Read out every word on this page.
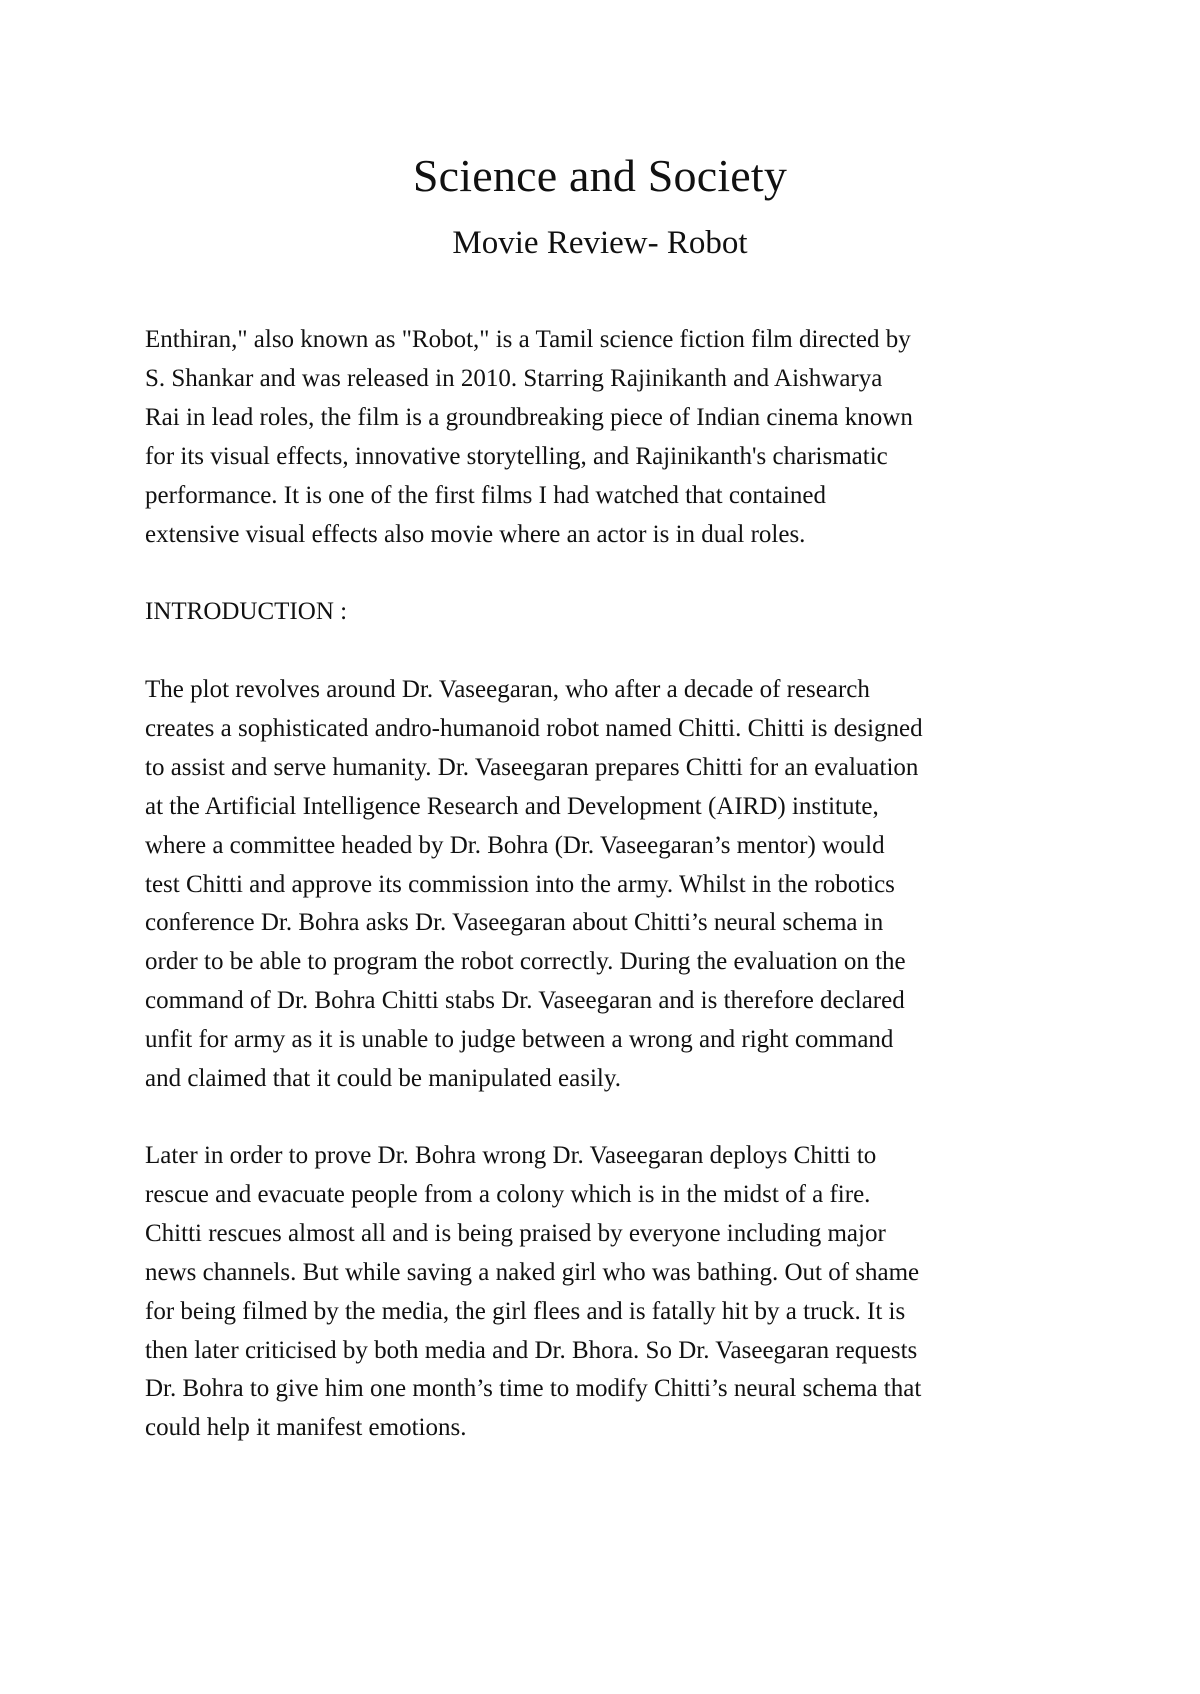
Science and Society
Movie Review- Robot

Enthiran," also known as "Robot," is a Tamil science fiction film directed by
S. Shankar and was released in 2010. Starring Rajinikanth and Aishwarya
Rai in lead roles, the film is a groundbreaking piece of Indian cinema known
for its visual effects, innovative storytelling, and Rajinikanth's charismatic
performance. It is one of the first films I had watched that contained
extensive visual effects also movie where an actor is in dual roles.

INTRODUCTION :

The plot revolves around Dr. Vaseegaran, who after a decade of research
creates a sophisticated andro-humanoid robot named Chitti. Chitti is designed
to assist and serve humanity. Dr. Vaseegaran prepares Chitti for an evaluation
at the Artificial Intelligence Research and Development (AIRD) institute,
where a committee headed by Dr. Bohra (Dr. Vaseegaran’s mentor) would
test Chitti and approve its commission into the army. Whilst in the robotics
conference Dr. Bohra asks Dr. Vaseegaran about Chitti’s neural schema in
order to be able to program the robot correctly. During the evaluation on the
command of Dr. Bohra Chitti stabs Dr. Vaseegaran and is therefore declared
unfit for army as it is unable to judge between a wrong and right command
and claimed that it could be manipulated easily.

Later in order to prove Dr. Bohra wrong Dr. Vaseegaran deploys Chitti to
rescue and evacuate people from a colony which is in the midst of a fire.
Chitti rescues almost all and is being praised by everyone including major
news channels. But while saving a naked girl who was bathing. Out of shame
for being filmed by the media, the girl flees and is fatally hit by a truck. It is
then later criticised by both media and Dr. Bhora. So Dr. Vaseegaran requests
Dr. Bohra to give him one month’s time to modify Chitti’s neural schema that
could help it manifest emotions.
